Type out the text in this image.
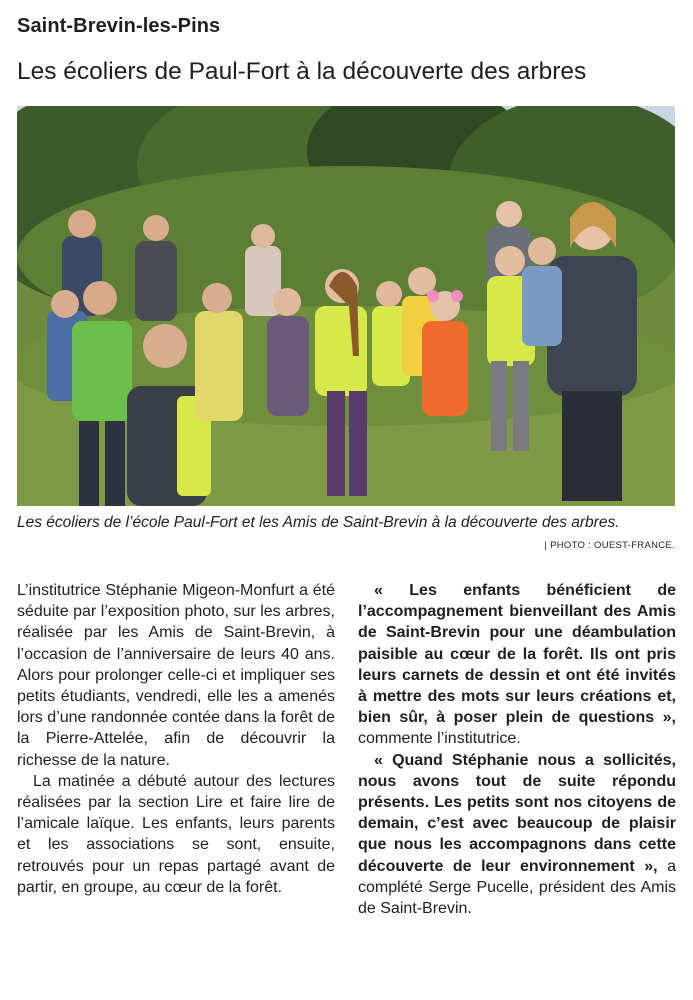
Saint-Brevin-les-Pins
Les écoliers de Paul-Fort à la découverte des arbres
Les écoliers de l’école Paul-Fort et les Amis de Saint-Brevin à la découverte des arbres.
| PHOTO : OUEST-FRANCE.

L’institutrice Stéphanie Migeon-Monfurt a été séduite par l’exposition photo, sur les arbres, réalisée par les Amis de Saint-Brevin, à l’occasion de l’anniversaire de leurs 40 ans. Alors pour prolonger celle-ci et impliquer ses petits étudiants, vendredi, elle les a amenés lors d’une randonnée contée dans la forêt de la Pierre-Attelée, afin de découvrir la richesse de la nature.

La matinée a débuté autour des lectures réalisées par la section Lire et faire lire de l’amicale laïque. Les enfants, leurs parents et les associations se sont, ensuite, retrouvés pour un repas partagé avant de partir, en groupe, au cœur de la forêt.

« Les enfants bénéficient de l’accompagnement bienveillant des Amis de Saint-Brevin pour une déambulation paisible au cœur de la forêt. Ils ont pris leurs carnets de dessin et ont été invités à mettre des mots sur leurs créations et, bien sûr, à poser plein de questions », commente l’institutrice.

« Quand Stéphanie nous a sollicités, nous avons tout de suite répondu présents. Les petits sont nos citoyens de demain, c’est avec beaucoup de plaisir que nous les accompagnons dans cette découverte de leur environnement », a complété Serge Pucelle, président des Amis de Saint-Brevin.
